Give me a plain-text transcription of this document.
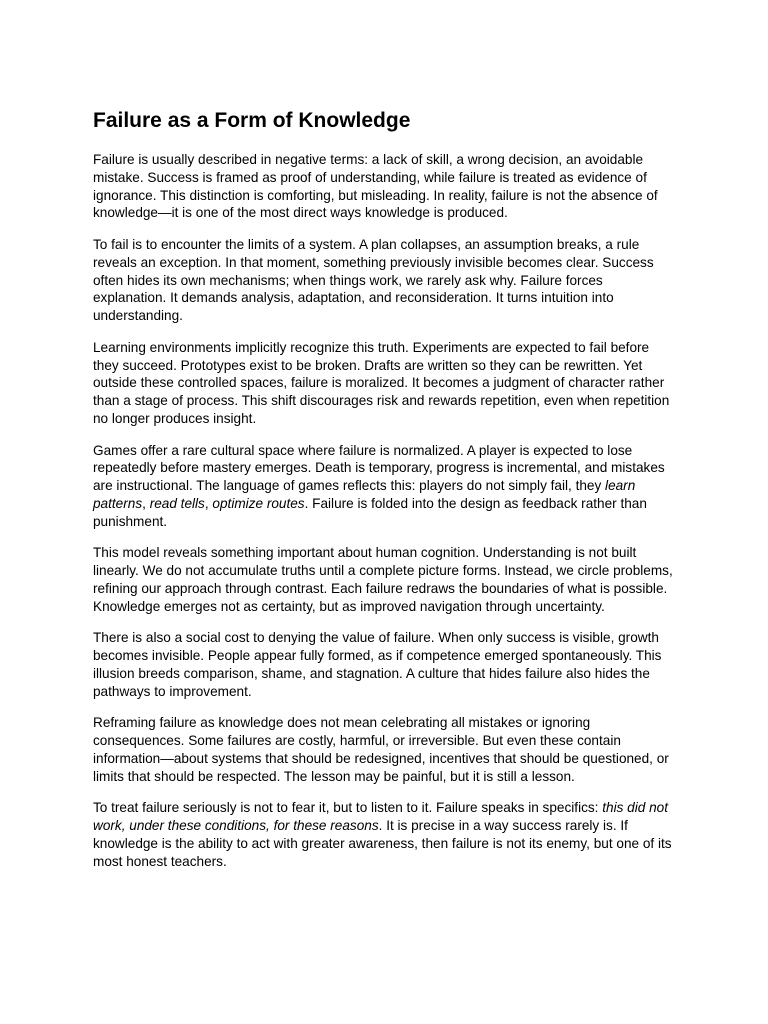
Failure as a Form of Knowledge

Failure is usually described in negative terms: a lack of skill, a wrong decision, an avoidable mistake. Success is framed as proof of understanding, while failure is treated as evidence of ignorance. This distinction is comforting, but misleading. In reality, failure is not the absence of knowledge—it is one of the most direct ways knowledge is produced.

To fail is to encounter the limits of a system. A plan collapses, an assumption breaks, a rule reveals an exception. In that moment, something previously invisible becomes clear. Success often hides its own mechanisms; when things work, we rarely ask why. Failure forces explanation. It demands analysis, adaptation, and reconsideration. It turns intuition into understanding.

Learning environments implicitly recognize this truth. Experiments are expected to fail before they succeed. Prototypes exist to be broken. Drafts are written so they can be rewritten. Yet outside these controlled spaces, failure is moralized. It becomes a judgment of character rather than a stage of process. This shift discourages risk and rewards repetition, even when repetition no longer produces insight.

Games offer a rare cultural space where failure is normalized. A player is expected to lose repeatedly before mastery emerges. Death is temporary, progress is incremental, and mistakes are instructional. The language of games reflects this: players do not simply fail, they learn patterns, read tells, optimize routes. Failure is folded into the design as feedback rather than punishment.

This model reveals something important about human cognition. Understanding is not built linearly. We do not accumulate truths until a complete picture forms. Instead, we circle problems, refining our approach through contrast. Each failure redraws the boundaries of what is possible. Knowledge emerges not as certainty, but as improved navigation through uncertainty.

There is also a social cost to denying the value of failure. When only success is visible, growth becomes invisible. People appear fully formed, as if competence emerged spontaneously. This illusion breeds comparison, shame, and stagnation. A culture that hides failure also hides the pathways to improvement.

Reframing failure as knowledge does not mean celebrating all mistakes or ignoring consequences. Some failures are costly, harmful, or irreversible. But even these contain information—about systems that should be redesigned, incentives that should be questioned, or limits that should be respected. The lesson may be painful, but it is still a lesson.

To treat failure seriously is not to fear it, but to listen to it. Failure speaks in specifics: this did not work, under these conditions, for these reasons. It is precise in a way success rarely is. If knowledge is the ability to act with greater awareness, then failure is not its enemy, but one of its most honest teachers.
